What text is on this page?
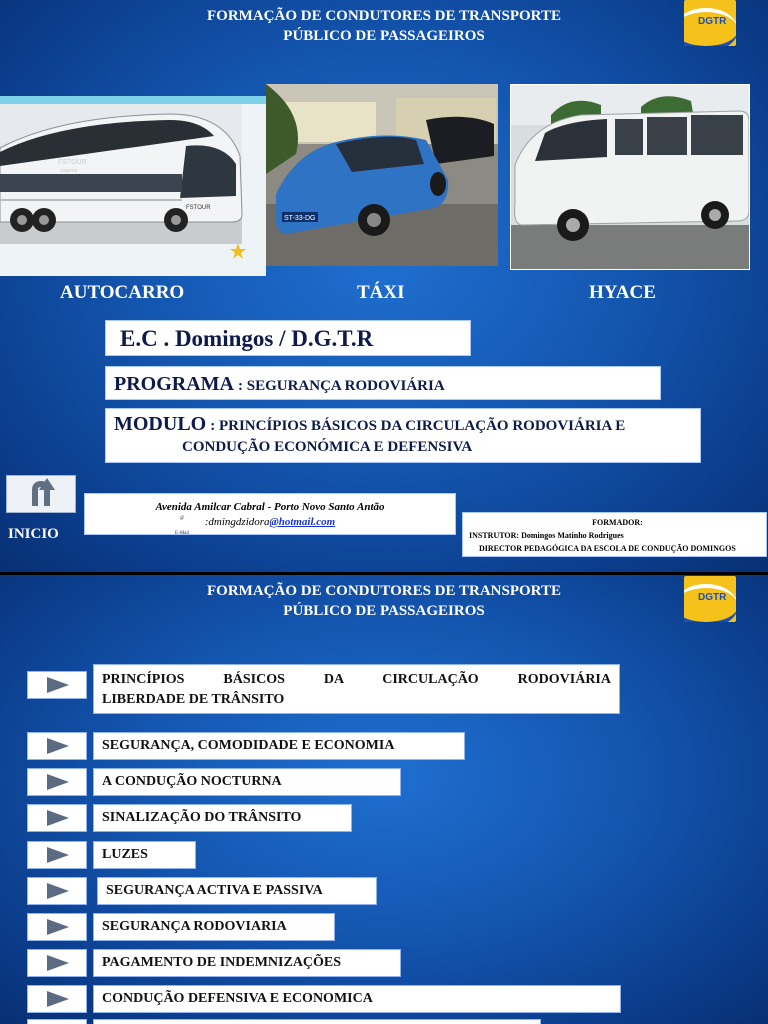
FORMAÇÃO DE CONDUTORES DE TRANSPORTE
PÚBLICO DE PASSAGEIROS
DGTR
FSTOUR
viagens
FSTOUR
ST-33-DG
AUTOCARRO	TÁXI	HYACE
E.C . Domingos / D.G.T.R
PROGRAMA : SEGURANÇA RODOVIÁRIA
MODULO : PRINCÍPIOS BÁSICOS DA CIRCULAÇÃO RODOVIÁRIA E
CONDUÇÃO ECONÓMICA E DEFENSIVA
INICIO
Avenida Amilcar Cabral - Porto Novo Santo Antão
@
E-Mail
:dmingdzidora@hotmail.com	FORMADOR:
INSTRUTOR: Domingos Matinho Rodrigues
DIRECTOR PEDAGÓGICA DA ESCOLA DE CONDUÇÃO DOMINGOS
FORMAÇÃO DE CONDUTORES DE TRANSPORTE
PÚBLICO DE PASSAGEIROS
DGTR
PRINCÍPIOS BÁSICOS DA CIRCULAÇÃO RODOVIÁRIA
LIBERDADE DE TRÂNSITO
SEGURANÇA, COMODIDADE E ECONOMIA
A CONDUÇÃO NOCTURNA
SINALIZAÇÃO DO TRÂNSITO
LUZES
SEGURANÇA ACTIVA E PASSIVA
SEGURANÇA RODOVIARIA
PAGAMENTO DE INDEMNIZAÇÕES
CONDUÇÃO DEFENSIVA E ECONOMICA
